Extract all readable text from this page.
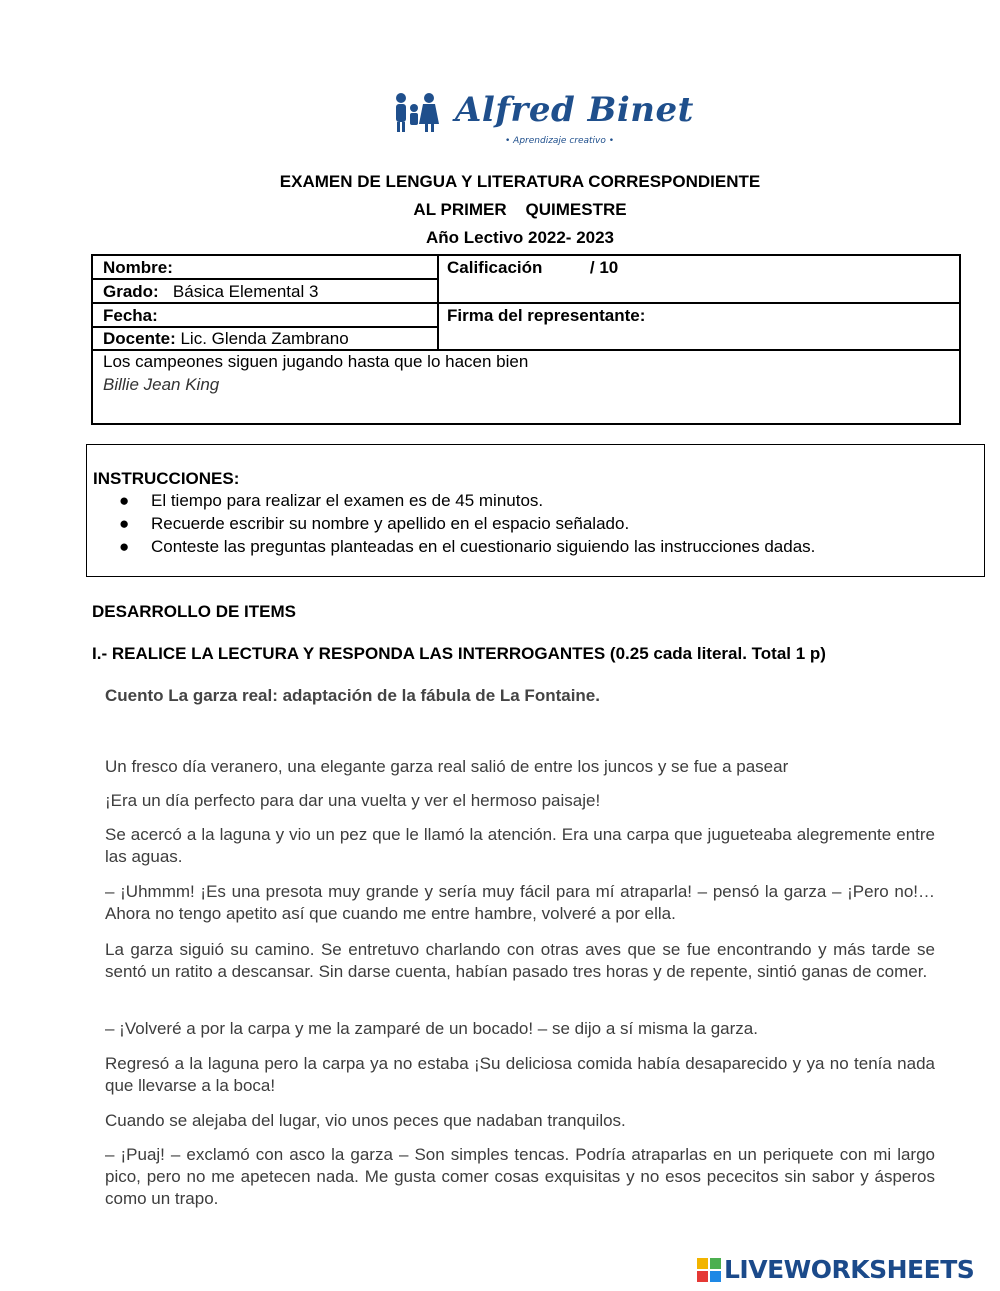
Alfred Binet
• Aprendizaje creativo •
EXAMEN DE LENGUA Y LITERATURA CORRESPONDIENTE
AL PRIMER    QUIMESTRE
Año Lectivo 2022- 2023
Nombre:
Grado: Básica Elemental 3
Fecha:
Docente: Lic. Glenda Zambrano
Calificación	/ 10
Firma del representante:
Los campeones siguen jugando hasta que lo hacen bien
Billie Jean King
INSTRUCCIONES:
● El tiempo para realizar el examen es de 45 minutos.
● Recuerde escribir su nombre y apellido en el espacio señalado.
● Conteste las preguntas planteadas en el cuestionario siguiendo las instrucciones dadas.
DESARROLLO DE ITEMS
I.- REALICE LA LECTURA Y RESPONDA LAS INTERROGANTES (0.25 cada literal. Total 1 p)
Cuento La garza real: adaptación de la fábula de La Fontaine.
Un fresco día veranero, una elegante garza real salió de entre los juncos y se fue a pasear
¡Era un día perfecto para dar una vuelta y ver el hermoso paisaje!
Se acercó a la laguna y vio un pez que le llamó la atención. Era una carpa que jugueteaba alegremente entre las aguas.
– ¡Uhmmm! ¡Es una presota muy grande y sería muy fácil para mí atraparla! – pensó la garza – ¡Pero no!… Ahora no tengo apetito así que cuando me entre hambre, volveré a por ella.
La garza siguió su camino. Se entretuvo charlando con otras aves que se fue encontrando y más tarde se sentó un ratito a descansar. Sin darse cuenta, habían pasado tres horas y de repente, sintió ganas de comer.
– ¡Volveré a por la carpa y me la zamparé de un bocado! – se dijo a sí misma la garza.
Regresó a la laguna pero la carpa ya no estaba ¡Su deliciosa comida había desaparecido y ya no tenía nada que llevarse a la boca!
Cuando se alejaba del lugar, vio unos peces que nadaban tranquilos.
– ¡Puaj! – exclamó con asco la garza – Son simples tencas. Podría atraparlas en un periquete con mi largo pico, pero no me apetecen nada. Me gusta comer cosas exquisitas y no esos pececitos sin sabor y ásperos como un trapo.
LIVEWORKSHEETS
